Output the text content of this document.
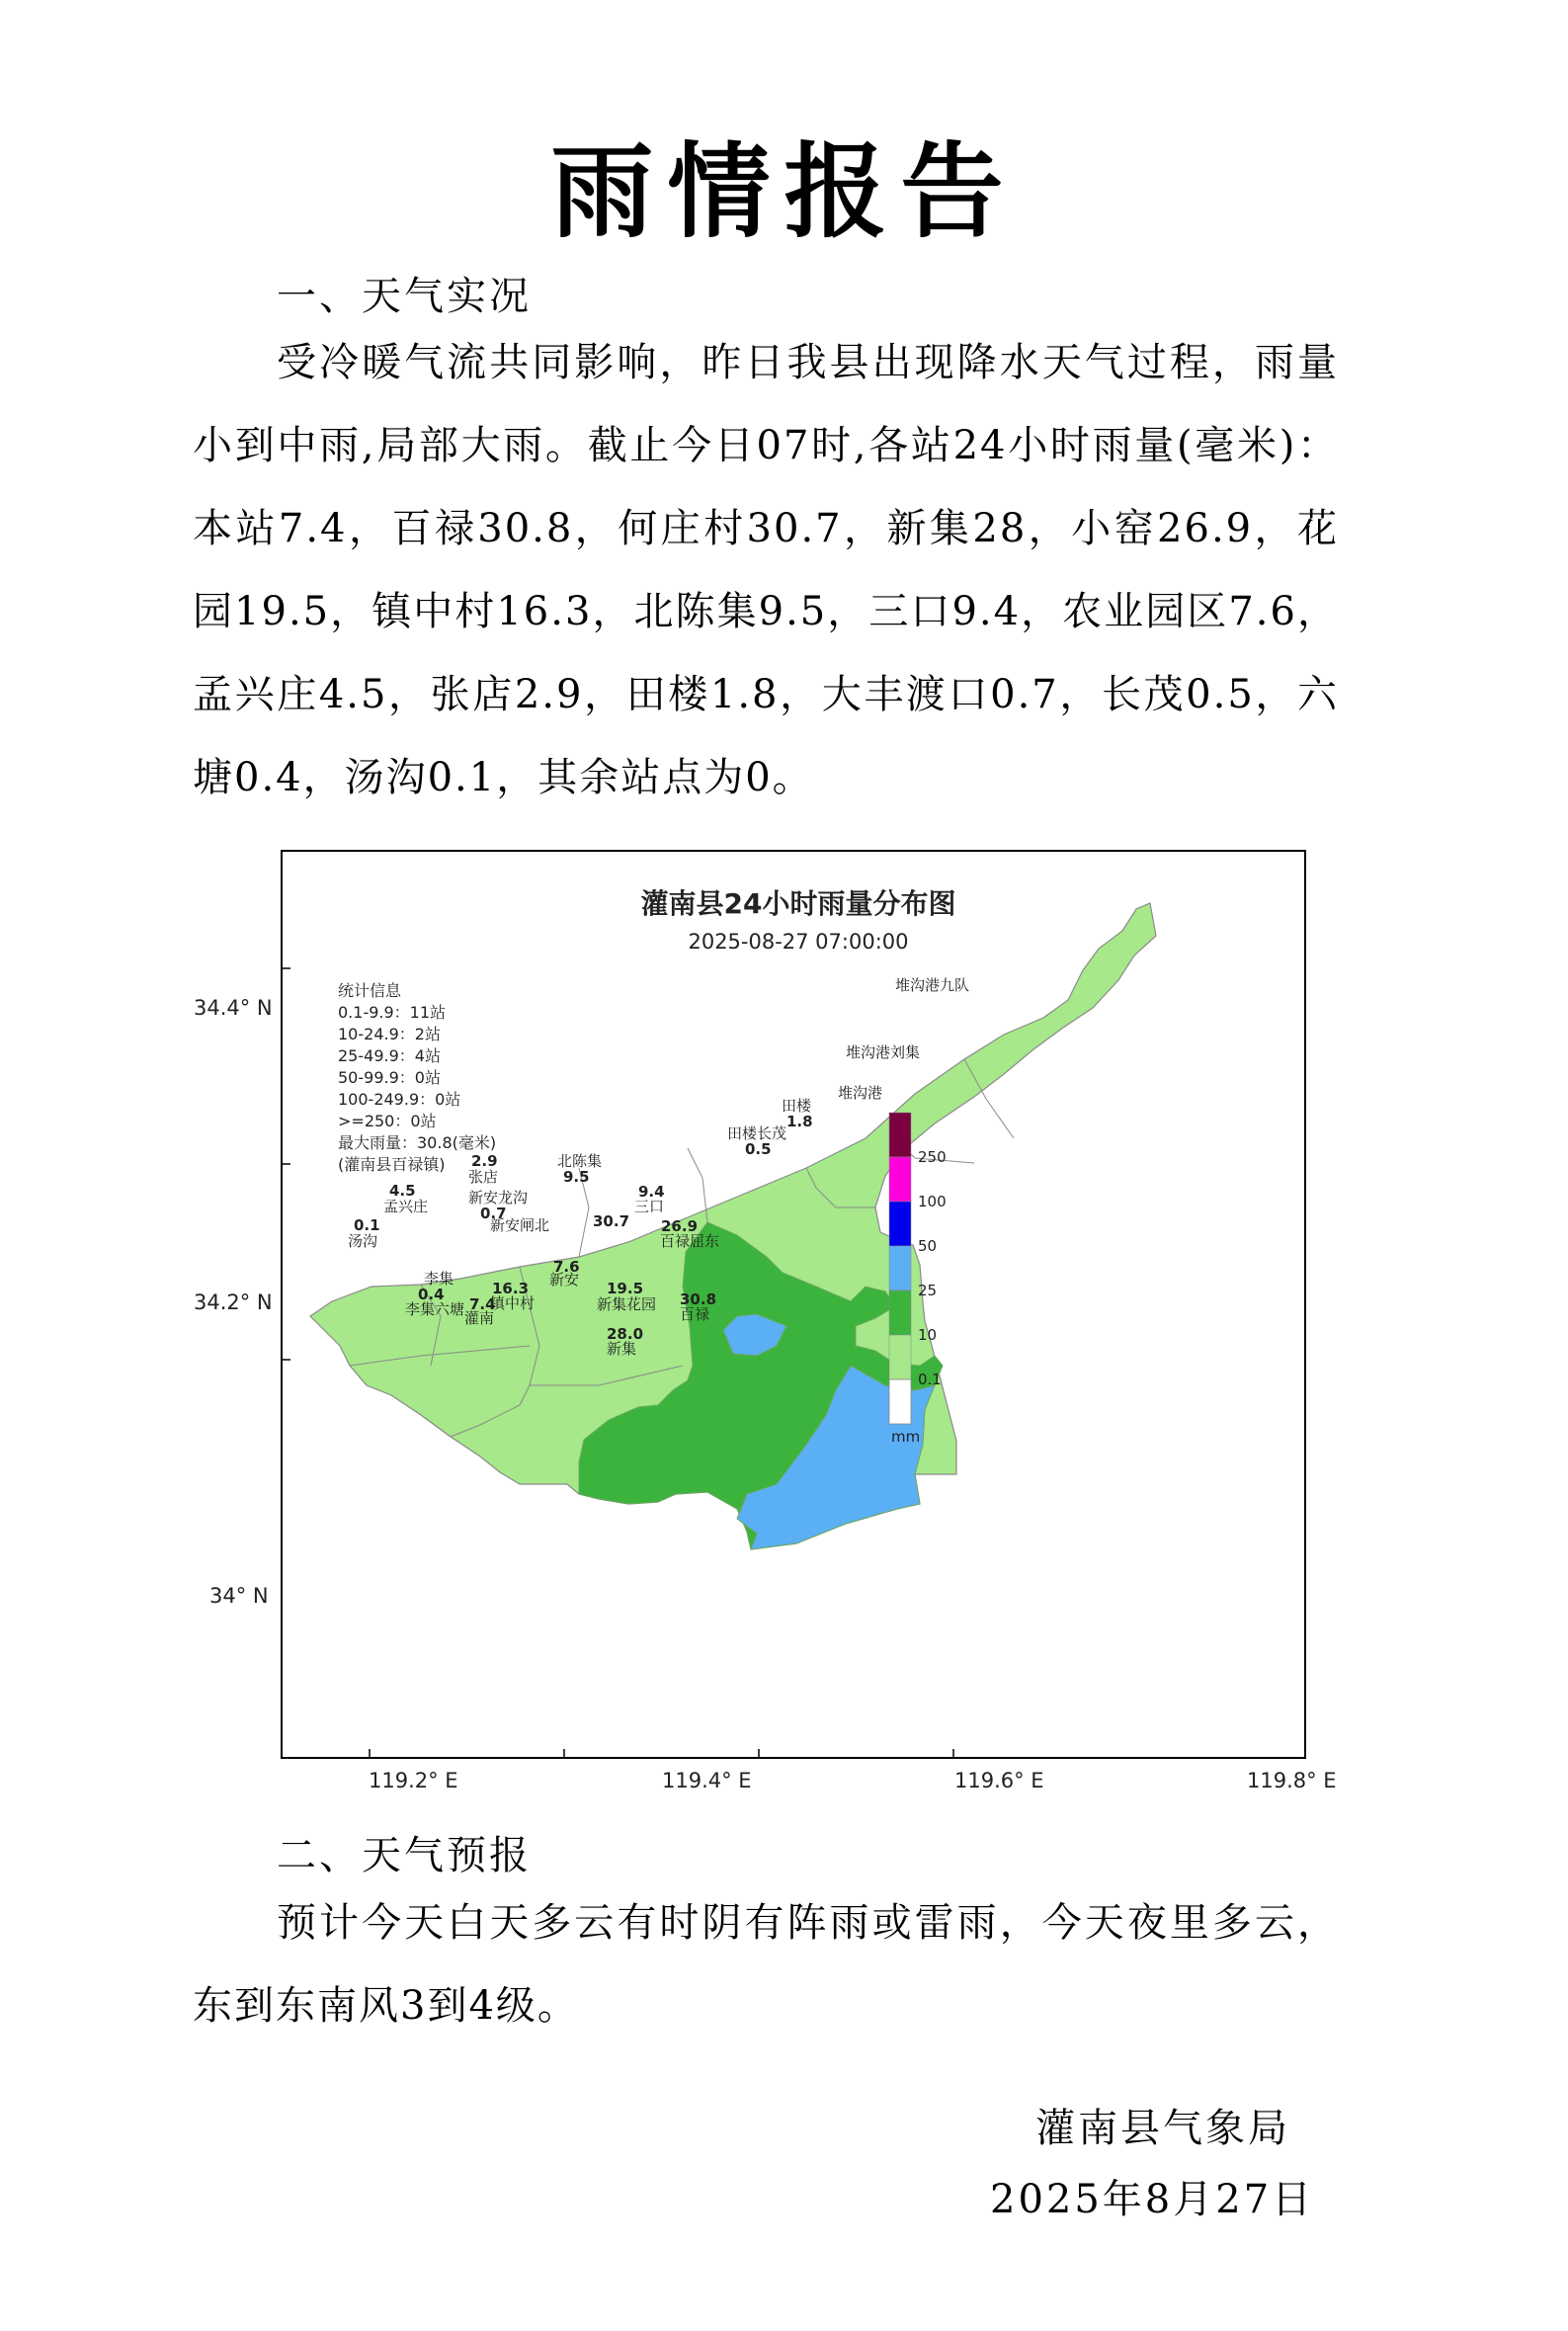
雨情报告
一、天气实况
受冷暖气流共同影响，昨日我县出现降水天气过程，雨量小到中雨,局部大雨。截止今日07时,各站24小时雨量(毫米)：本站7.4，百禄30.8，何庄村30.7，新集28，小窑26.9，花园19.5，镇中村16.3，北陈集9.5，三口9.4，农业园区7.6，孟兴庄4.5，张店2.9，田楼1.8，大丰渡口0.7，长茂0.5，六塘0.4，汤沟0.1，其余站点为0。
灌南县24小时雨量分布图
2025-08-27 07:00:00
统计信息
0.1-9.9：11站
10-24.9：2站
25-49.9：4站
50-99.9：0站
100-249.9：0站
>=250：0站
最大雨量：30.8(毫米)
(灌南县百禄镇)
堆沟港九队
堆沟港刘集
堆沟港
田楼
1.8
田楼长茂
0.5
北陈集
9.5
2.9
张店
4.5
孟兴庄
0.1
汤沟
新安龙沟
0.7
新安闸北
9.4
三口
30.7 26.9
百禄屈东
7.6
新安
李集
0.4
李集六塘 7.4
灌南
16.3
镇中村
19.5
新集花园 30.8
百禄
28.0
新集
250
100
50
25
10
0.1
mm
34.4° N
34.2° N
34° N
119.2° E	119.4° E	119.6° E	119.8° E
二、天气预报
预计今天白天多云有时阴有阵雨或雷雨，今天夜里多云，东到东南风3到4级。
灌南县气象局
2025年8月27日
